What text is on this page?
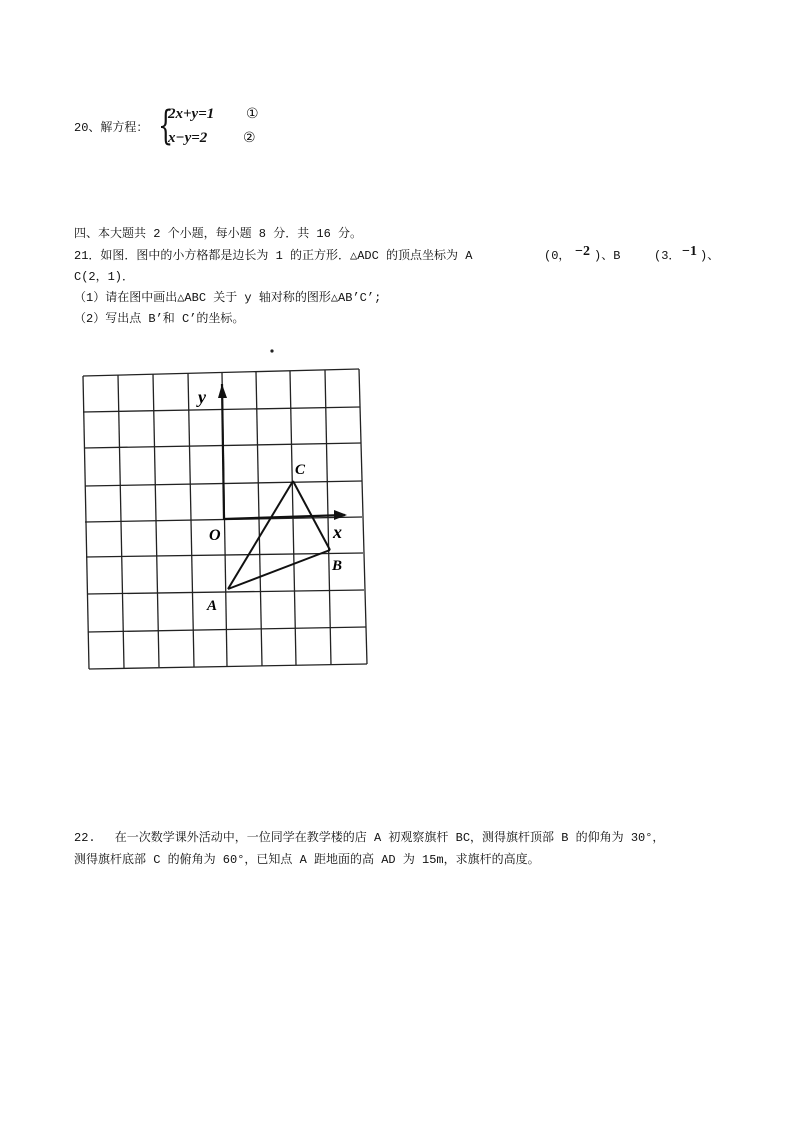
20、解方程： {
2x+y=1 ①
x−y=2	②
四、本大题共 2 个小题，每小题 8 分．共 16 分。
21．如图．图中的小方格都是边长为 1 的正方形．△ADC 的顶点坐标为 A	(0， −2 )、B	(3． −1 )、
C(2，1)．
（1）请在图中画出△ABC 关于 y 轴对称的图形△AB’C’;
（2）写出点 B’和 C’的坐标。
y
x
O
A
B
C
22.　 在一次数学课外活动中，一位同学在教学楼的店 A 初观察旗杆 BC，测得旗杆顶部 B 的仰角为 30°，
测得旗杆底部 C 的俯角为 60°，已知点 A 距地面的高 AD 为 15m，求旗杆的高度。
